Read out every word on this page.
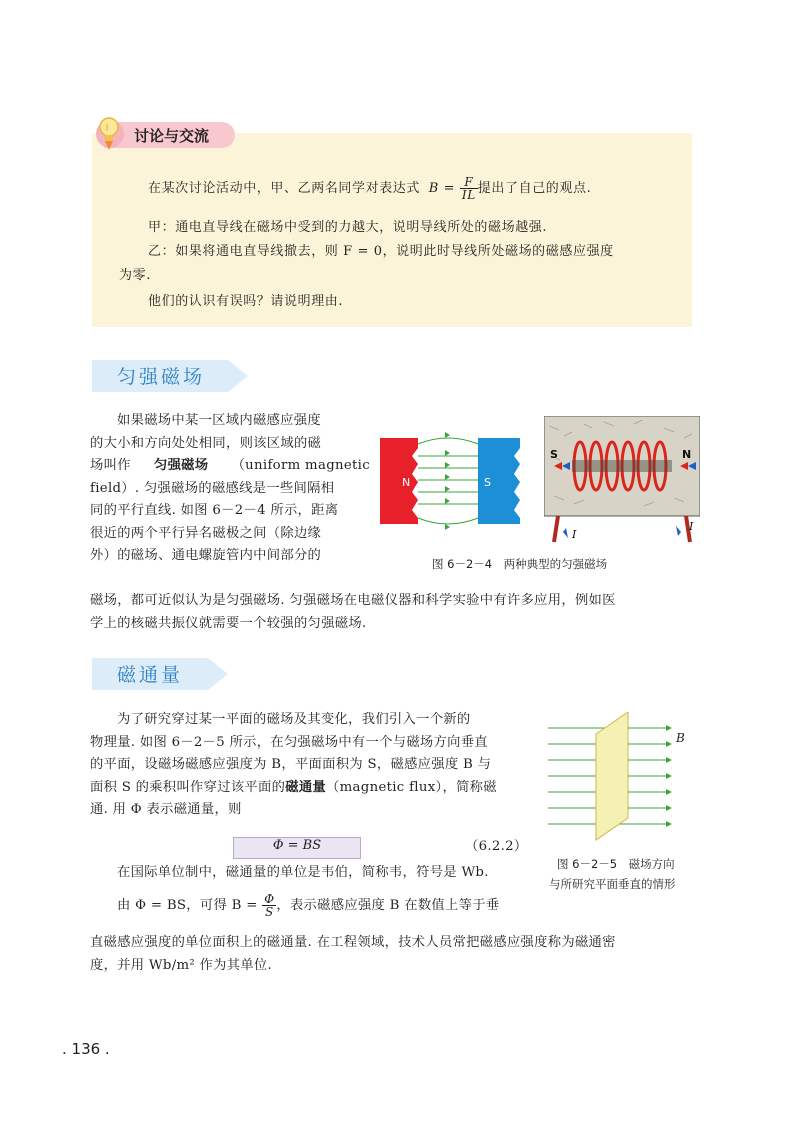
讨论与交流
在某次讨论活动中，甲、乙两名同学对表达式 $B = \frac{F}{IL}$ 提出了自己的观点.
甲：通电直导线在磁场中受到的力越大，说明导线所处的磁场越强.
乙：如果将通电直导线撤去，则 F = 0，说明此时导线所处磁场的磁感应强度
为零.
他们的认识有误吗？请说明理由.
匀强磁场
如果磁场中某一区域内磁感应强度
的大小和方向处处相同，则该区域的磁
场叫作 匀强磁场 （uniform magnetic
field）. 匀强磁场的磁感线是一些间隔相
同的平行直线. 如图 6－2－4 所示，距离
很近的两个平行异名磁极之间（除边缘
外）的磁场、通电螺旋管内中间部分的
磁场，都可近似认为是匀强磁场. 匀强磁场在电磁仪器和科学实验中有许多应用，例如医
学上的核磁共振仪就需要一个较强的匀强磁场.
N	S
S	N
I
I
图 6－2－4　两种典型的匀强磁场
磁通量
为了研究穿过某一平面的磁场及其变化，我们引入一个新的
物理量. 如图 6－2－5 所示，在匀强磁场中有一个与磁场方向垂直
的平面，设磁场磁感应强度为 B，平面面积为 S，磁感应强度 B 与
面积 S 的乘积叫作穿过该平面的磁通量（magnetic flux），简称磁
通. 用 Φ 表示磁通量，则
Φ = BS	（6.2.2）
在国际单位制中，磁通量的单位是韦伯，简称韦，符号是 Wb.
由 Φ = BS，可得 $B = \frac{\Phi}{S}$ ，表示磁感应强度 B 在数值上等于垂
直磁感应强度的单位面积上的磁通量. 在工程领域，技术人员常把磁感应强度称为磁通密
度，并用 Wb/m² 作为其单位.
B
图 6－2－5　磁场方向
与所研究平面垂直的情形
. 136 .
